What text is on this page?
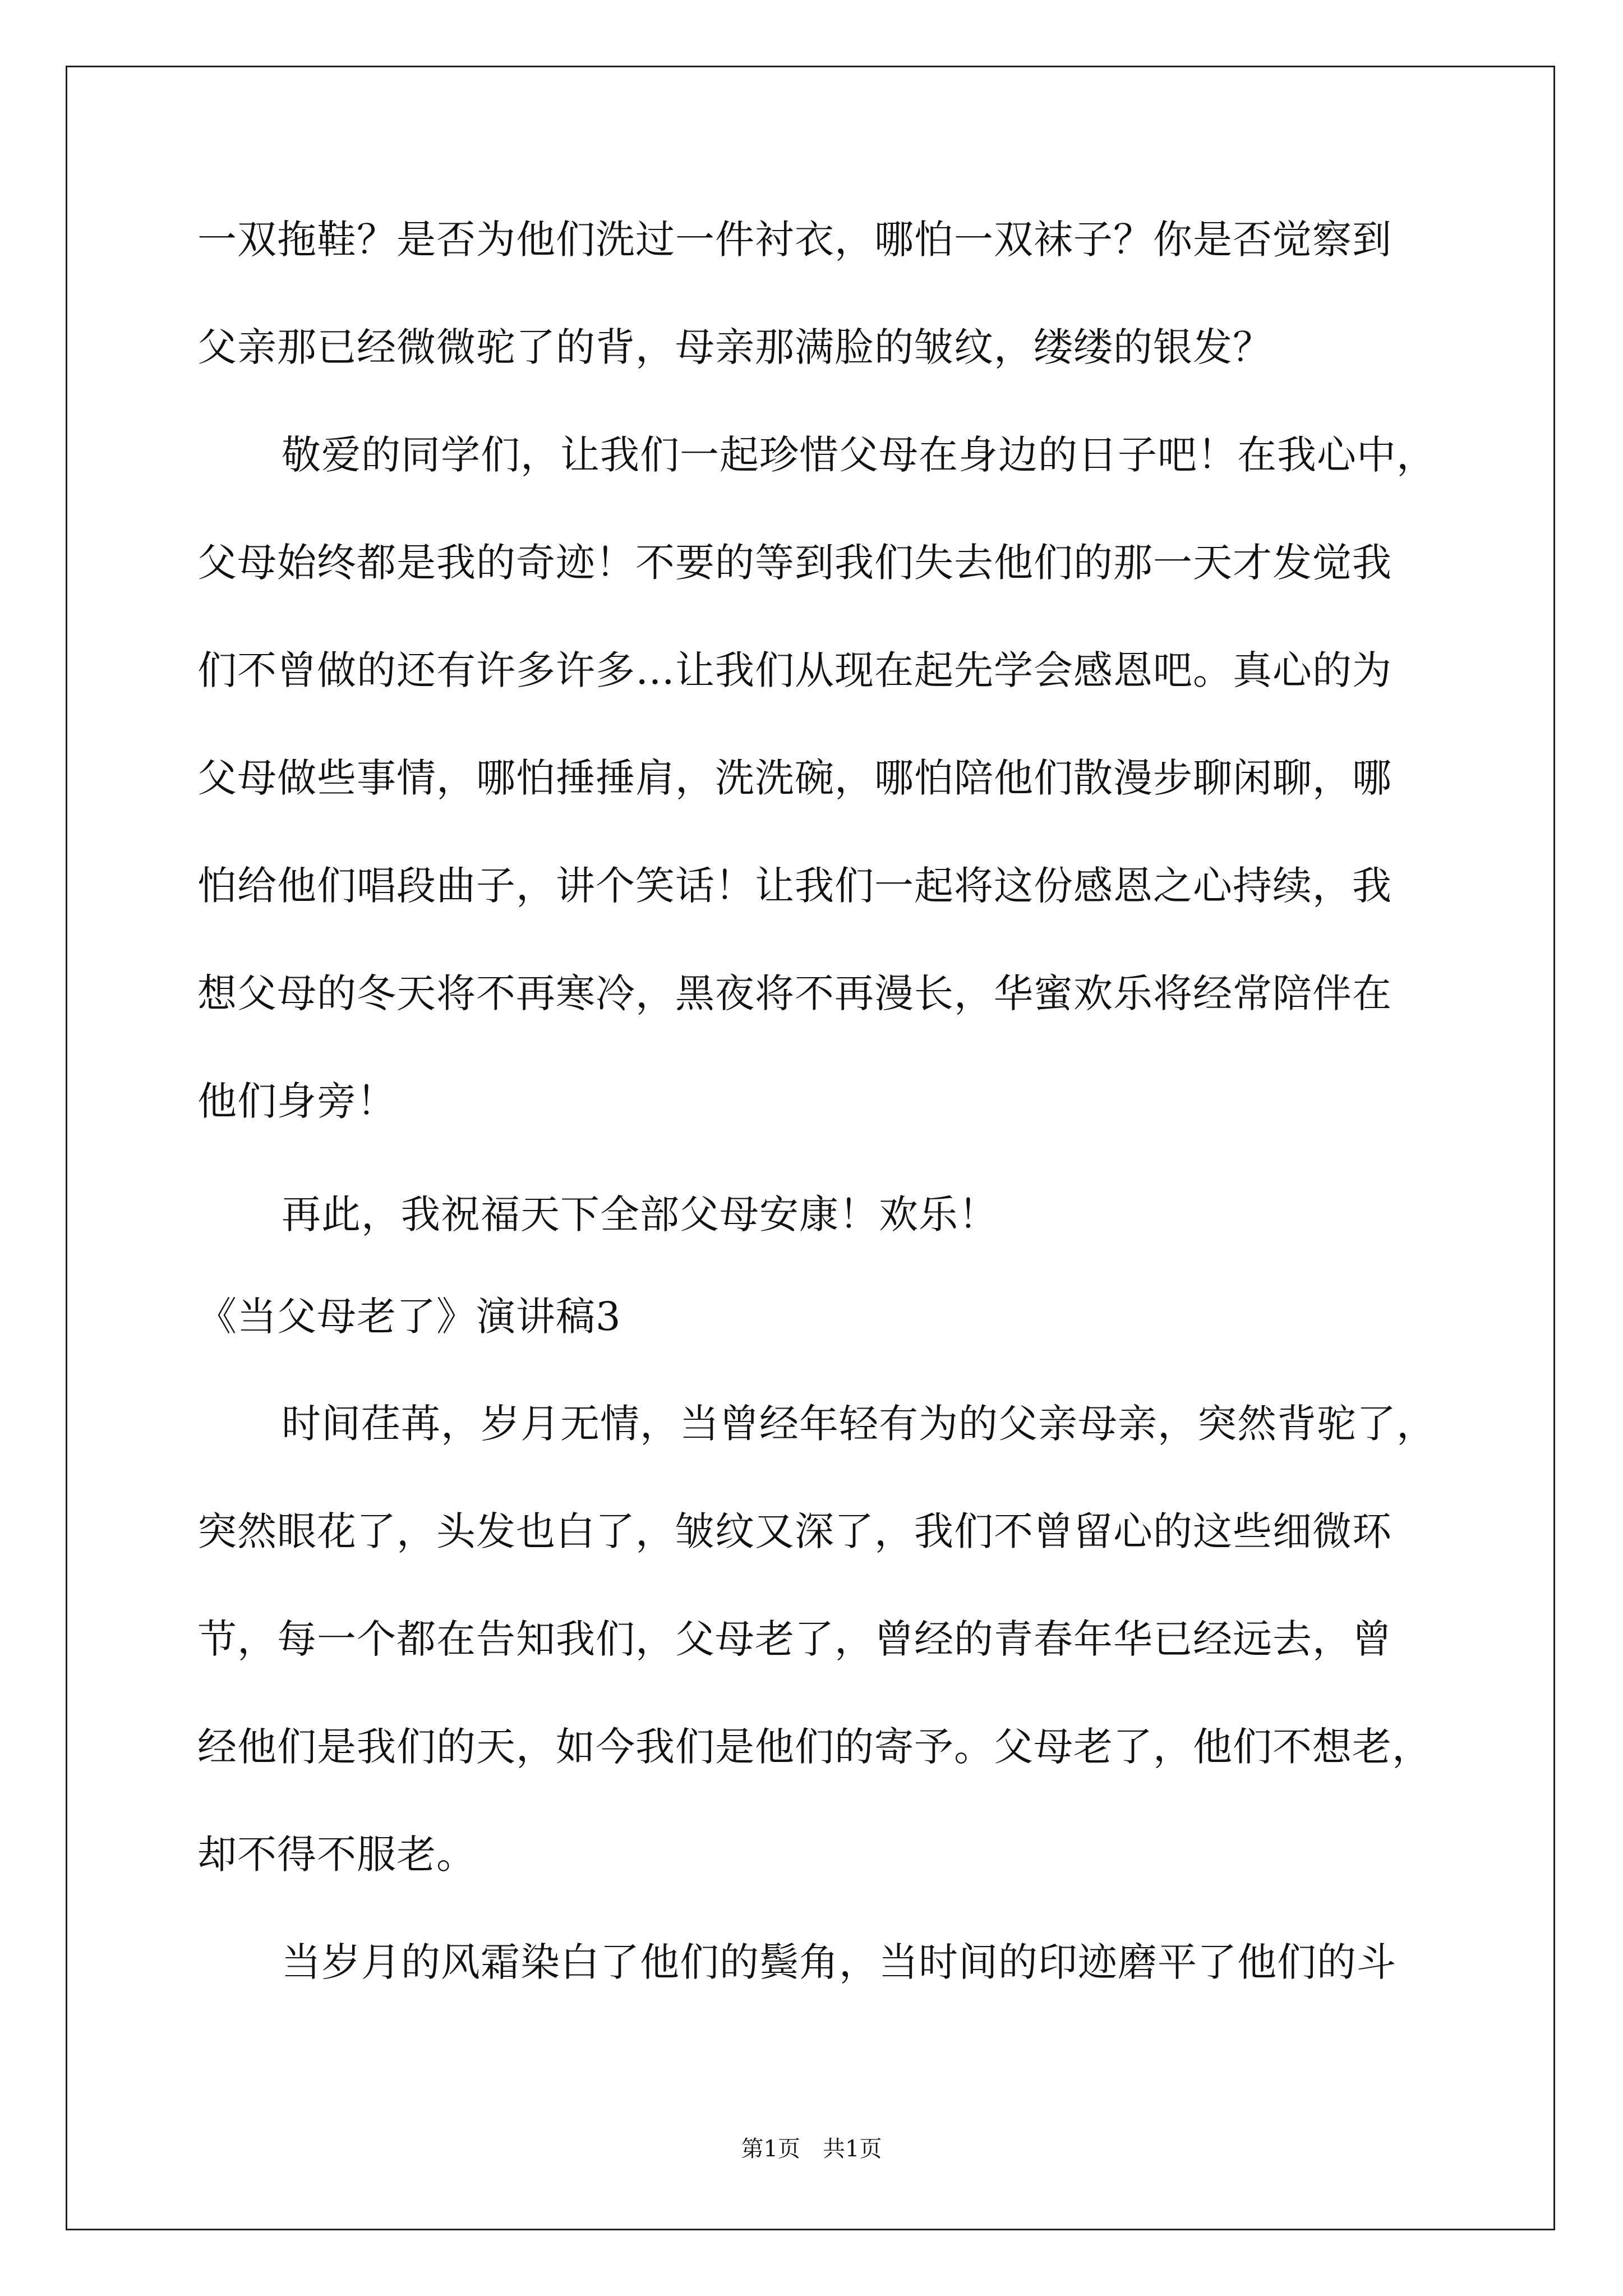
一双拖鞋？是否为他们洗过一件衬衣，哪怕一双袜子？你是否觉察到
父亲那已经微微驼了的背，母亲那满脸的皱纹，缕缕的银发？
敬爱的同学们，让我们一起珍惜父母在身边的日子吧！在我心中，
父母始终都是我的奇迹！不要的等到我们失去他们的那一天才发觉我
们不曾做的还有许多许多…让我们从现在起先学会感恩吧。真心的为
父母做些事情，哪怕捶捶肩，洗洗碗，哪怕陪他们散漫步聊闲聊，哪
怕给他们唱段曲子，讲个笑话！让我们一起将这份感恩之心持续，我
想父母的冬天将不再寒冷，黑夜将不再漫长，华蜜欢乐将经常陪伴在
他们身旁！
再此，我祝福天下全部父母安康！欢乐！
《当父母老了》演讲稿3
时间荏苒，岁月无情，当曾经年轻有为的父亲母亲，突然背驼了，
突然眼花了，头发也白了，皱纹又深了，我们不曾留心的这些细微环
节，每一个都在告知我们，父母老了，曾经的青春年华已经远去，曾
经他们是我们的天，如今我们是他们的寄予。父母老了，他们不想老，
却不得不服老。
当岁月的风霜染白了他们的鬓角，当时间的印迹磨平了他们的斗
第1页 共1页
